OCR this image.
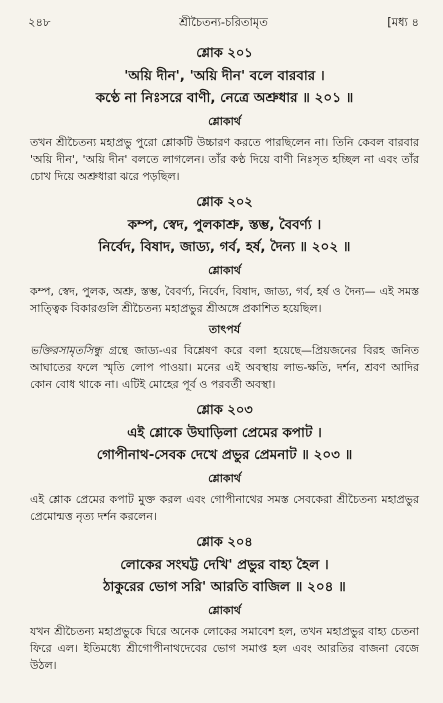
২৪৮	শ্রীচৈতন্য-চরিতামৃত	[মধ্য ৪
শ্লোক ২০১
'অয়ি দীন', 'অয়ি দীন' বলে বারবার ।
কণ্ঠে না নিঃসরে বাণী, নেত্রে অশ্রুধার ॥ ২০১ ॥
শ্লোকার্থ
তখন শ্রীচৈতন্য মহাপ্রভু পুরো শ্লোকটি উচ্চারণ করতে পারছিলেন না। তিনি কেবল বারবার 'অয়ি দীন', 'অয়ি দীন' বলতে লাগলেন। তাঁর কণ্ঠ দিয়ে বাণী নিঃসৃত হচ্ছিল না এবং তাঁর চোখ দিয়ে অশ্রুধারা ঝরে পড়ছিল।
শ্লোক ২০২
কম্প, স্বেদ, পুলকাশ্রু, স্তম্ভ, বৈবর্ণ্য ।
নির্বেদ, বিষাদ, জাড্য, গর্ব, হর্ষ, দৈন্য ॥ ২০২ ॥
শ্লোকার্থ
কম্প, স্বেদ, পুলক, অশ্রু, স্তম্ভ, বৈবর্ণ্য, নির্বেদ, বিষাদ, জাড্য, গর্ব, হর্ষ ও দৈন্য— এই সমস্ত সাত্ত্বিক বিকারগুলি শ্রীচৈতন্য মহাপ্রভুর শ্রীঅঙ্গে প্রকাশিত হয়েছিল।
তাৎপর্য
ভক্তিরসামৃতসিন্ধু গ্রন্থে জাড্য-এর বিশ্লেষণ করে বলা হয়েছে—প্রিয়জনের বিরহ জনিত আঘাতের ফলে স্মৃতি লোপ পাওয়া। মনের এই অবস্থায় লাভ-ক্ষতি, দর্শন, শ্রবণ আদির কোন বোধ থাকে না। এটিই মোহের পূর্ব ও পরবর্তী অবস্থা।
শ্লোক ২০৩
এই শ্লোকে উঘাড়িলা প্রেমের কপাট ।
গোপীনাথ-সেবক দেখে প্রভুর প্রেমনাট ॥ ২০৩ ॥
শ্লোকার্থ
এই শ্লোক প্রেমের কপাট মুক্ত করল এবং গোপীনাথের সমস্ত সেবকেরা শ্রীচৈতন্য মহাপ্রভুর প্রেমোন্মত্ত নৃত্য দর্শন করলেন।
শ্লোক ২০৪
লোকের সংঘট্ট দেখি' প্রভুর বাহ্য হৈল ।
ঠাকুরের ভোগ সরি' আরতি বাজিল ॥ ২০৪ ॥
শ্লোকার্থ
যখন শ্রীচৈতন্য মহাপ্রভুকে ঘিরে অনেক লোকের সমাবেশ হল, তখন মহাপ্রভুর বাহ্য চেতনা ফিরে এল। ইতিমধ্যে শ্রীগোপীনাথদেবের ভোগ সমাপ্ত হল এবং আরতির বাজনা বেজে উঠল।
